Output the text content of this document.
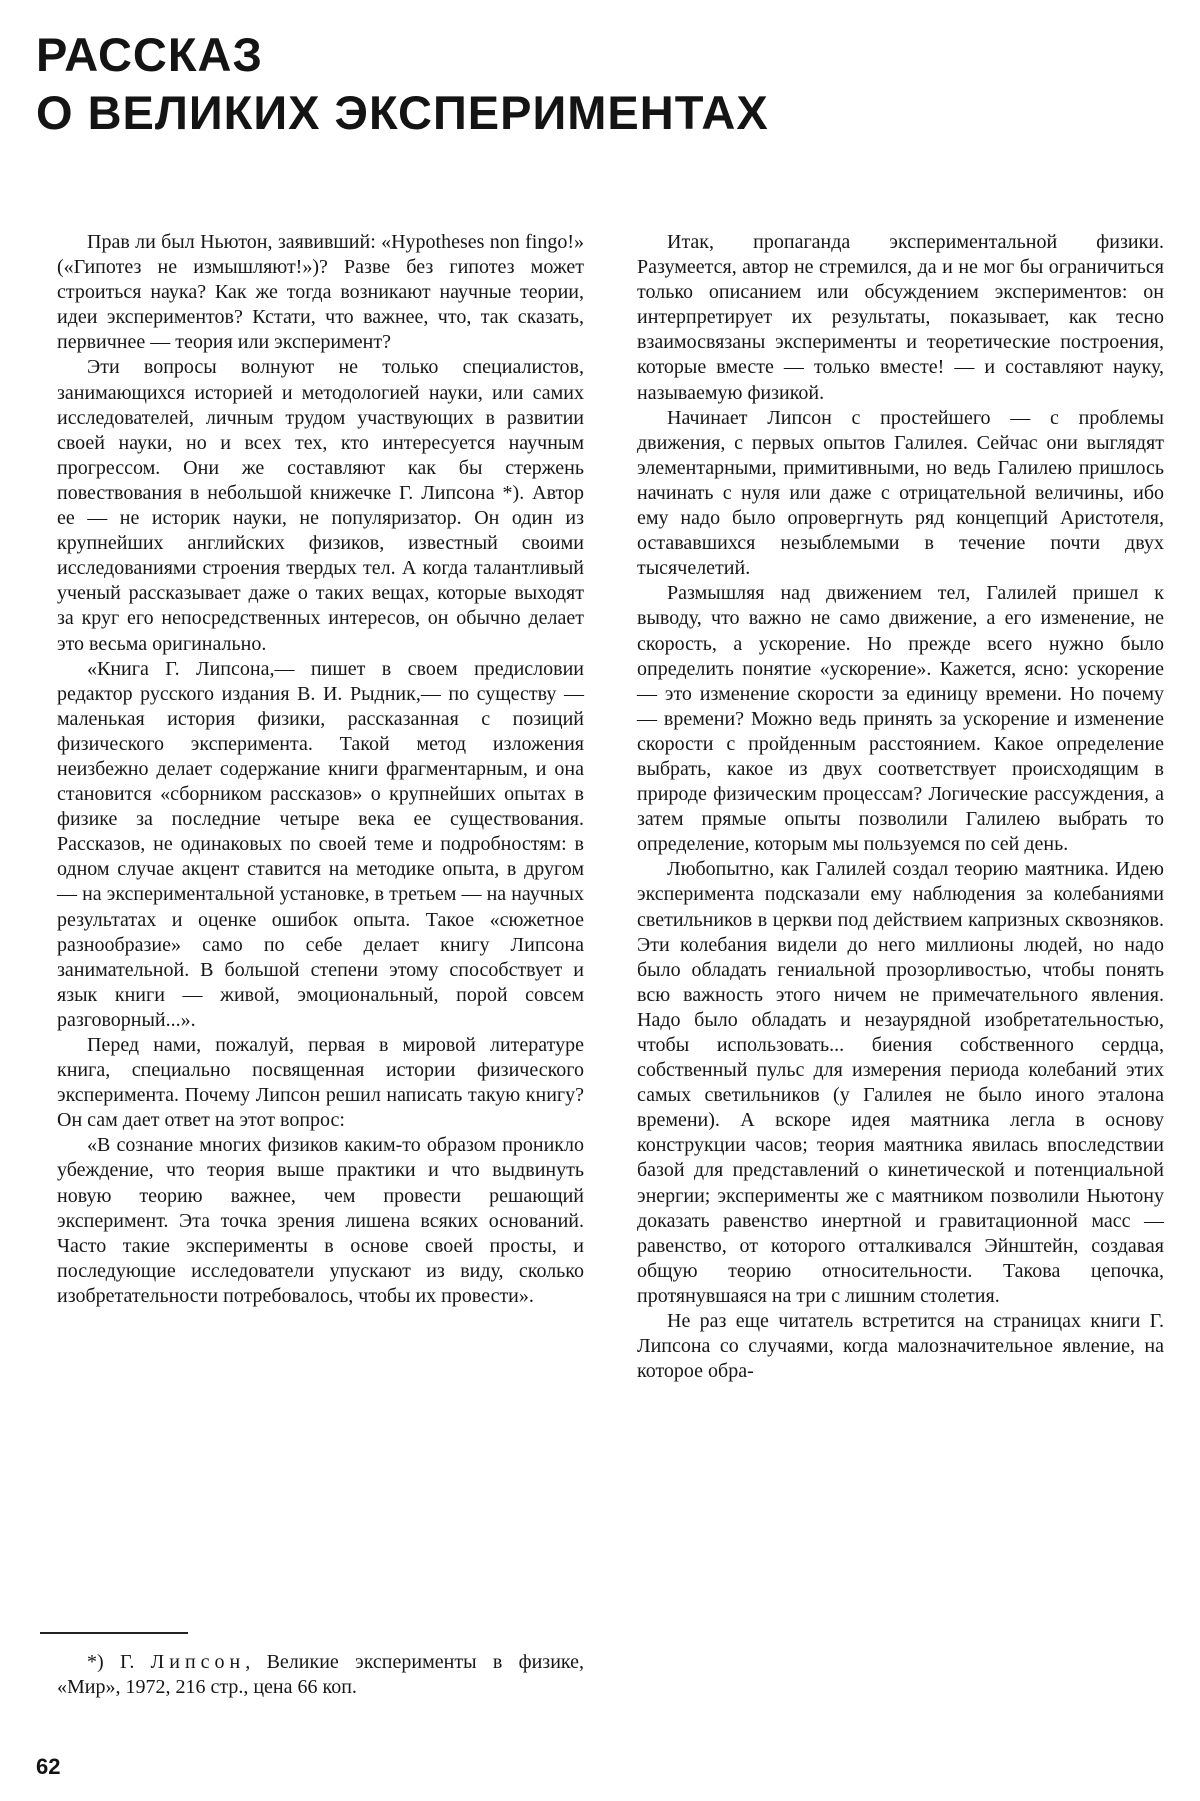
РАССКАЗ
О ВЕЛИКИХ ЭКСПЕРИМЕНТАХ

Прав ли был Ньютон, заявивший: «Hypotheses non fingo!» («Гипотез не измышляют!»)? Разве без гипотез может строиться наука? Как же тогда возникают научные теории, идеи экспериментов? Кстати, что важнее, что, так сказать, первичнее — теория или эксперимент?

Эти вопросы волнуют не только специалистов, занимающихся историей и методологией науки, или самих исследователей, личным трудом участвующих в развитии своей науки, но и всех тех, кто интересуется научным прогрессом. Они же составляют как бы стержень повествования в небольшой книжечке Г. Липсона *). Автор ее — не историк науки, не популяризатор. Он один из крупнейших английских физиков, известный своими исследованиями строения твердых тел. А когда талантливый ученый рассказывает даже о таких вещах, которые выходят за круг его непосредственных интересов, он обычно делает это весьма оригинально.

«Книга Г. Липсона,— пишет в своем предисловии редактор русского издания В. И. Рыдник,— по существу — маленькая история физики, рассказанная с позиций физического эксперимента. Такой метод изложения неизбежно делает содержание книги фрагментарным, и она становится «сборником рассказов» о крупнейших опытах в физике за последние четыре века ее существования. Рассказов, не одинаковых по своей теме и подробностям: в одном случае акцент ставится на методике опыта, в другом — на экспериментальной установке, в третьем — на научных результатах и оценке ошибок опыта. Такое «сюжетное разнообразие» само по себе делает книгу Липсона занимательной. В большой степени этому способствует и язык книги — живой, эмоциональный, порой совсем разговорный...».

Перед нами, пожалуй, первая в мировой литературе книга, специально посвященная истории физического эксперимента. Почему Липсон решил написать такую книгу? Он сам дает ответ на этот вопрос:

«В сознание многих физиков каким-то образом проникло убеждение, что теория выше практики и что выдвинуть новую теорию важнее, чем провести решающий эксперимент. Эта точка зрения лишена всяких оснований. Часто такие эксперименты в основе своей просты, и последующие исследователи упускают из виду, сколько изобретательности потребовалось, чтобы их провести».

Итак, пропаганда экспериментальной физики. Разумеется, автор не стремился, да и не мог бы ограничиться только описанием или обсуждением экспериментов: он интерпретирует их результаты, показывает, как тесно взаимосвязаны эксперименты и теоретические построения, которые вместе — только вместе! — и составляют науку, называемую физикой.

Начинает Липсон с простейшего — с проблемы движения, с первых опытов Галилея. Сейчас они выглядят элементарными, примитивными, но ведь Галилею пришлось начинать с нуля или даже с отрицательной величины, ибо ему надо было опровергнуть ряд концепций Аристотеля, остававшихся незыблемыми в течение почти двух тысячелетий.

Размышляя над движением тел, Галилей пришел к выводу, что важно не само движение, а его изменение, не скорость, а ускорение. Но прежде всего нужно было определить понятие «ускорение». Кажется, ясно: ускорение — это изменение скорости за единицу времени. Но почему — времени? Можно ведь принять за ускорение и изменение скорости с пройденным расстоянием. Какое определение выбрать, какое из двух соответствует происходящим в природе физическим процессам? Логические рассуждения, а затем прямые опыты позволили Галилею выбрать то определение, которым мы пользуемся по сей день.

Любопытно, как Галилей создал теорию маятника. Идею эксперимента подсказали ему наблюдения за колебаниями светильников в церкви под действием капризных сквозняков. Эти колебания видели до него миллионы людей, но надо было обладать гениальной прозорливостью, чтобы понять всю важность этого ничем не примечательного явления. Надо было обладать и незаурядной изобретательностью, чтобы использовать... биения собственного сердца, собственный пульс для измерения периода колебаний этих самых светильников (у Галилея не было иного эталона времени). А вскоре идея маятника легла в основу конструкции часов; теория маятника явилась впоследствии базой для представлений о кинетической и потенциальной энергии; эксперименты же с маятником позволили Ньютону доказать равенство инертной и гравитационной масс — равенство, от которого отталкивался Эйнштейн, создавая общую теорию относительности. Такова цепочка, протянувшаяся на три с лишним столетия.

Не раз еще читатель встретится на страницах книги Г. Липсона со случаями, когда малозначительное явление, на которое обра-

*) Г. Липсон, Великие эксперименты в физике, «Мир», 1972, 216 стр., цена 66 коп.

62
